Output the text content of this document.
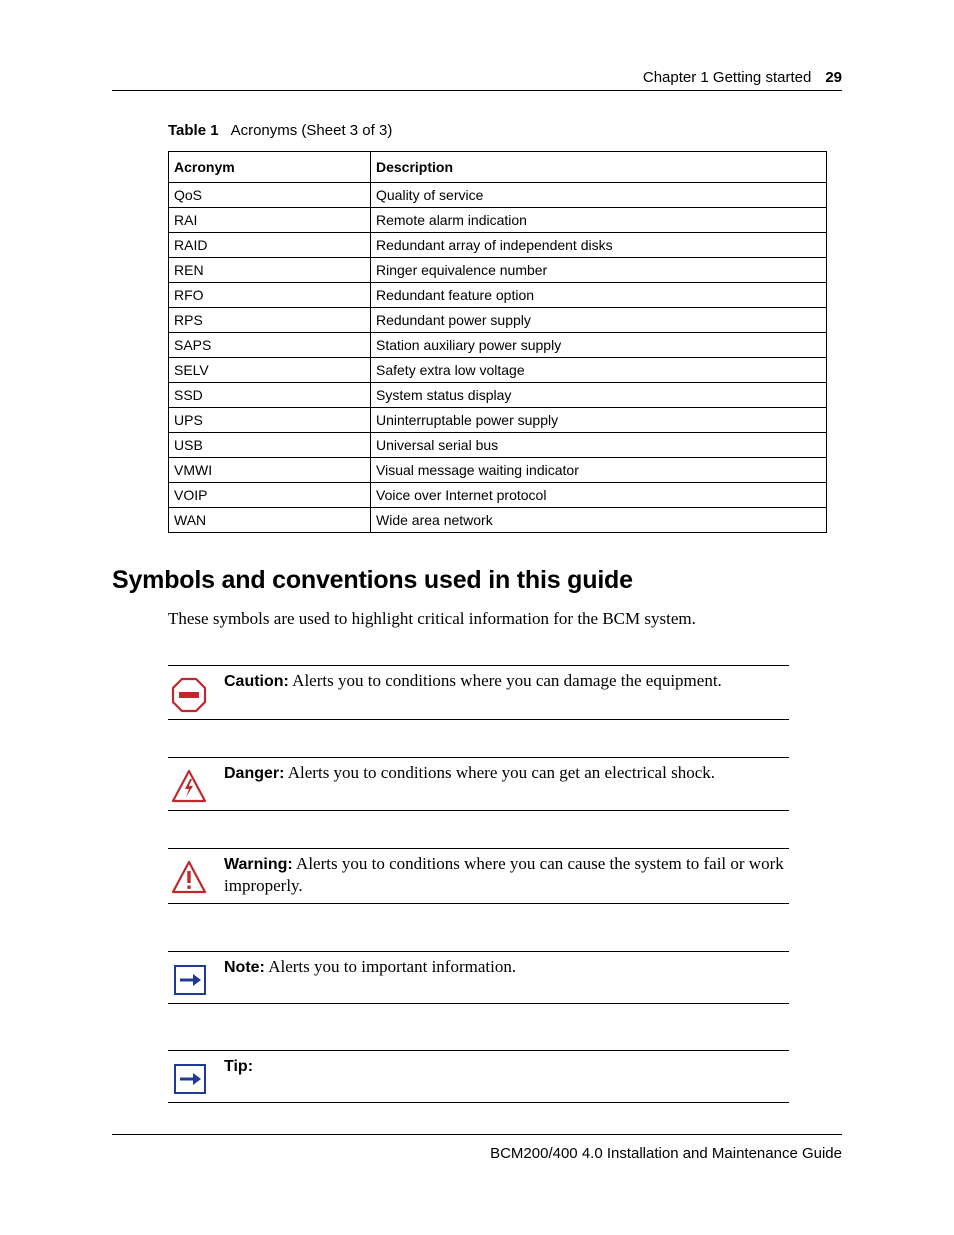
Chapter 1 Getting started 29
Table 1 Acronyms (Sheet 3 of 3)
Acronym	Description
QoS	Quality of service
RAI	Remote alarm indication
RAID	Redundant array of independent disks
REN	Ringer equivalence number
RFO	Redundant feature option
RPS	Redundant power supply
SAPS	Station auxiliary power supply
SELV	Safety extra low voltage
SSD	System status display
UPS	Uninterruptable power supply
USB	Universal serial bus
VMWI	Visual message waiting indicator
VOIP	Voice over Internet protocol
WAN	Wide area network
Symbols and conventions used in this guide
These symbols are used to highlight critical information for the BCM system.
Caution: Alerts you to conditions where you can damage the equipment.
Danger: Alerts you to conditions where you can get an electrical shock.
Warning: Alerts you to conditions where you can cause the system to fail or work improperly.
Note: Alerts you to important information.
Tip:
BCM200/400 4.0 Installation and Maintenance Guide
